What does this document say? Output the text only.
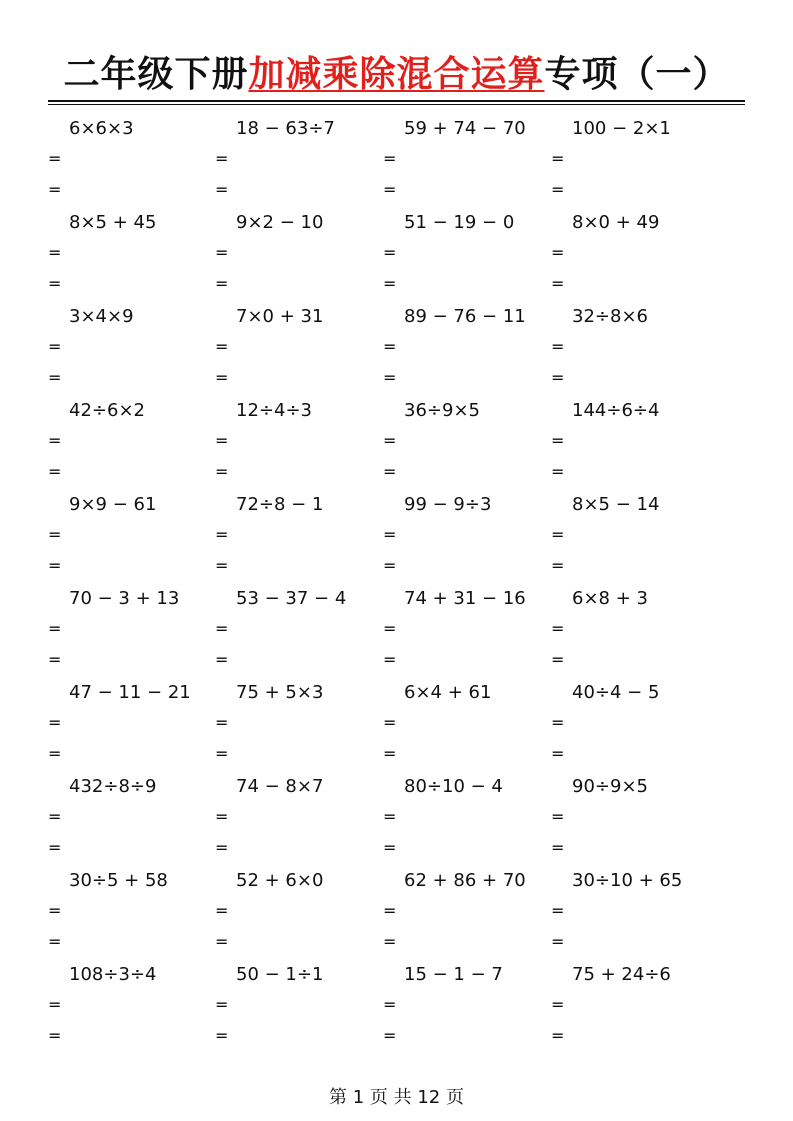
二年级下册加减乘除混合运算专项（一）
6×6×3
=
=
18 − 63÷7
=
=
59 + 74 − 70
=
=
100 − 2×1
=
=
8×5 + 45
=
=
9×2 − 10
=
=
51 − 19 − 0
=
=
8×0 + 49
=
=
3×4×9
=
=
7×0 + 31
=
=
89 − 76 − 11
=
=
32÷8×6
=
=
42÷6×2
=
=
12÷4÷3
=
=
36÷9×5
=
=
144÷6÷4
=
=
9×9 − 61
=
=
72÷8 − 1
=
=
99 − 9÷3
=
=
8×5 − 14
=
=
70 − 3 + 13
=
=
53 − 37 − 4
=
=
74 + 31 − 16
=
=
6×8 + 3
=
=
47 − 11 − 21
=
=
75 + 5×3
=
=
6×4 + 61
=
=
40÷4 − 5
=
=
432÷8÷9
=
=
74 − 8×7
=
=
80÷10 − 4
=
=
90÷9×5
=
=
30÷5 + 58
=
=
52 + 6×0
=
=
62 + 86 + 70
=
=
30÷10 + 65
=
=
108÷3÷4
=
=
50 − 1÷1
=
=
15 − 1 − 7
=
=
75 + 24÷6
=
=
第 1 页 共 12 页
